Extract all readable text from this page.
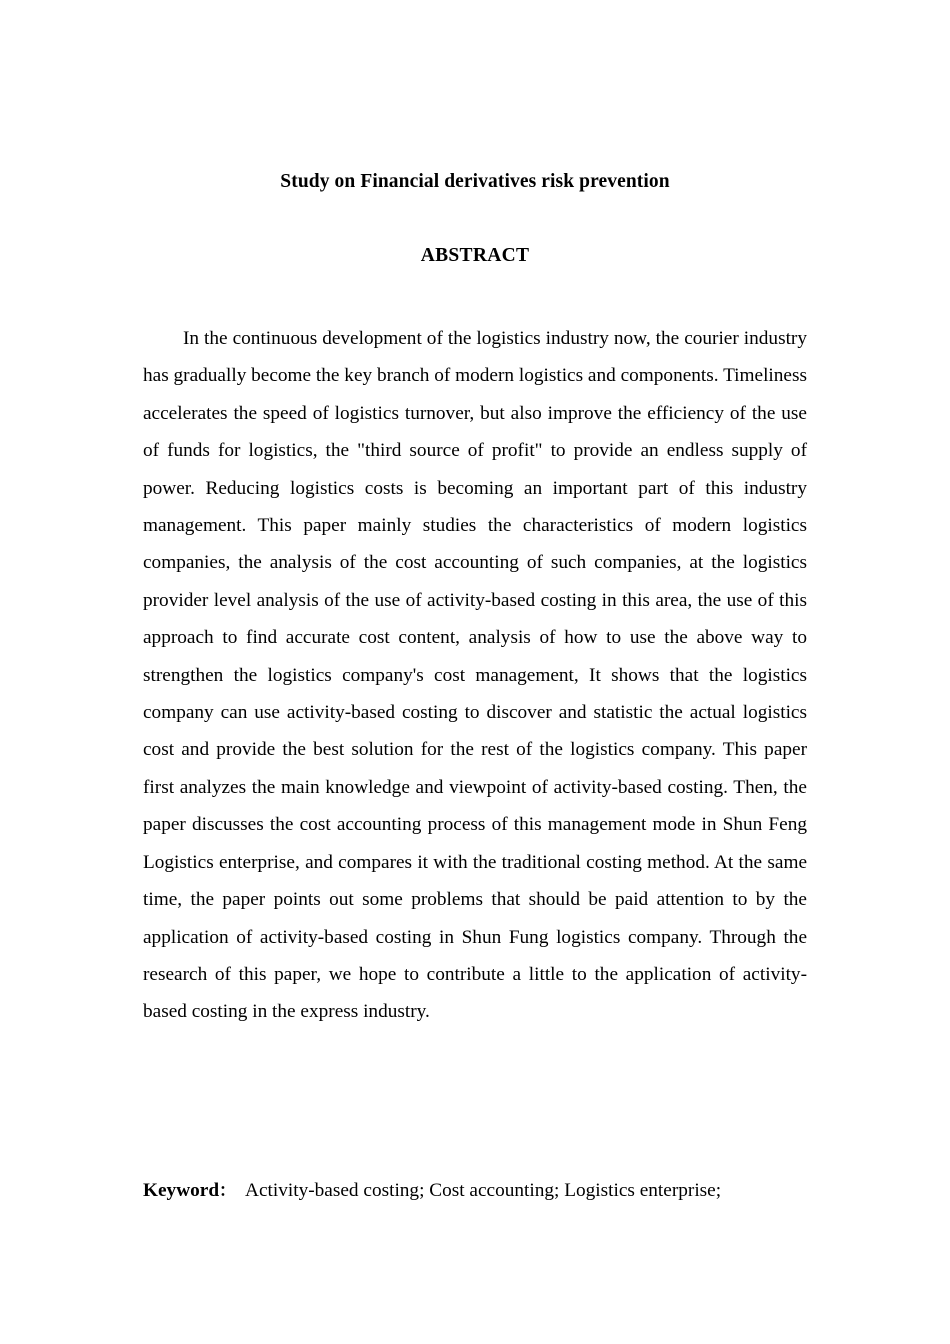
Study on Financial derivatives risk prevention
ABSTRACT

In the continuous development of the logistics industry now, the courier industry has gradually become the key branch of modern logistics and components. Timeliness accelerates the speed of logistics turnover, but also improve the efficiency of the use of funds for logistics, the "third source of profit" to provide an endless supply of power. Reducing logistics costs is becoming an important part of this industry management. This paper mainly studies the characteristics of modern logistics companies, the analysis of the cost accounting of such companies, at the logistics provider level analysis of the use of activity-based costing in this area, the use of this approach to find accurate cost content, analysis of how to use the above way to strengthen the logistics company's cost management, It shows that the logistics company can use activity-based costing to discover and statistic the actual logistics cost and provide the best solution for the rest of the logistics company. This paper first analyzes the main knowledge and viewpoint of activity-based costing. Then, the paper discusses the cost accounting process of this management mode in Shun Feng Logistics enterprise, and compares it with the traditional costing method. At the same time, the paper points out some problems that should be paid attention to by the application of activity-based costing in Shun Fung logistics company. Through the research of this paper, we hope to contribute a little to the application of activity-based costing in the express industry.

Keyword： Activity-based costing; Cost accounting; Logistics enterprise;
